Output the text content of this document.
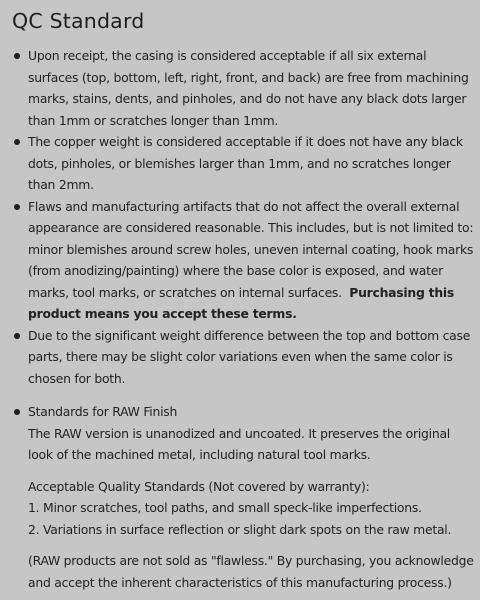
QC Standard
Upon receipt, the casing is considered acceptable if all six external surfaces (top, bottom, left, right, front, and back) are free from machining marks, stains, dents, and pinholes, and do not have any black dots larger than 1mm or scratches longer than 1mm.
The copper weight is considered acceptable if it does not have any black dots, pinholes, or blemishes larger than 1mm, and no scratches longer than 2mm.
Flaws and manufacturing artifacts that do not affect the overall external appearance are considered reasonable. This includes, but is not limited to: minor blemishes around screw holes, uneven internal coating, hook marks (from anodizing/painting) where the base color is exposed, and water marks, tool marks, or scratches on internal surfaces. Purchasing this product means you accept these terms.
Due to the significant weight difference between the top and bottom case parts, there may be slight color variations even when the same color is chosen for both.
Standards for RAW Finish
The RAW version is unanodized and uncoated. It preserves the original look of the machined metal, including natural tool marks.
Acceptable Quality Standards (Not covered by warranty):
1. Minor scratches, tool paths, and small speck-like imperfections.
2. Variations in surface reflection or slight dark spots on the raw metal.
(RAW products are not sold as "flawless." By purchasing, you acknowledge and accept the inherent characteristics of this manufacturing process.)
